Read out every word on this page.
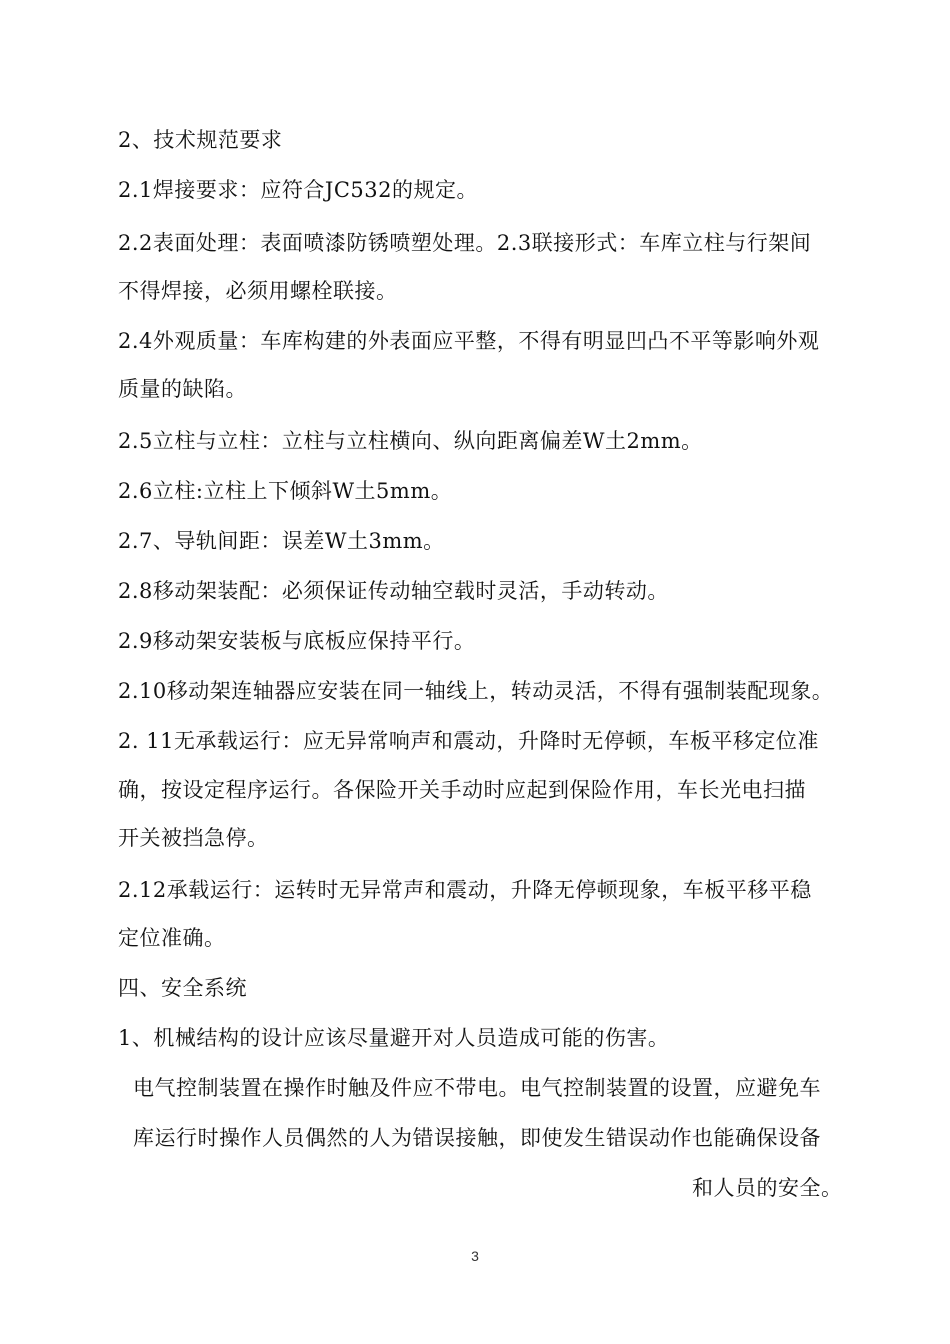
2、技术规范要求
2.1焊接要求：应符合JC532的规定。
2.2表面处理：表面喷漆防锈喷塑处理。2.3联接形式：车库立柱与行架间
不得焊接，必须用螺栓联接。
2.4外观质量：车库构建的外表面应平整，不得有明显凹凸不平等影响外观
质量的缺陷。
2.5立柱与立柱：立柱与立柱横向、纵向距离偏差W土2mm。
2.6立柱:立柱上下倾斜W土5mm。
2.7、导轨间距：误差W土3mm。
2.8移动架装配：必须保证传动轴空载时灵活，手动转动。
2.9移动架安装板与底板应保持平行。
2.10移动架连轴器应安装在同一轴线上，转动灵活，不得有强制装配现象。
2. 11无承载运行：应无异常响声和震动，升降时无停顿，车板平移定位准
确，按设定程序运行。各保险开关手动时应起到保险作用，车长光电扫描
开关被挡急停。
2.12承载运行：运转时无异常声和震动，升降无停顿现象，车板平移平稳
定位准确。
四、安全系统
1、机械结构的设计应该尽量避开对人员造成可能的伤害。
电气控制装置在操作时触及件应不带电。电气控制装置的设置，应避免车
库运行时操作人员偶然的人为错误接触，即使发生错误动作也能确保设备
和人员的安全。
3
